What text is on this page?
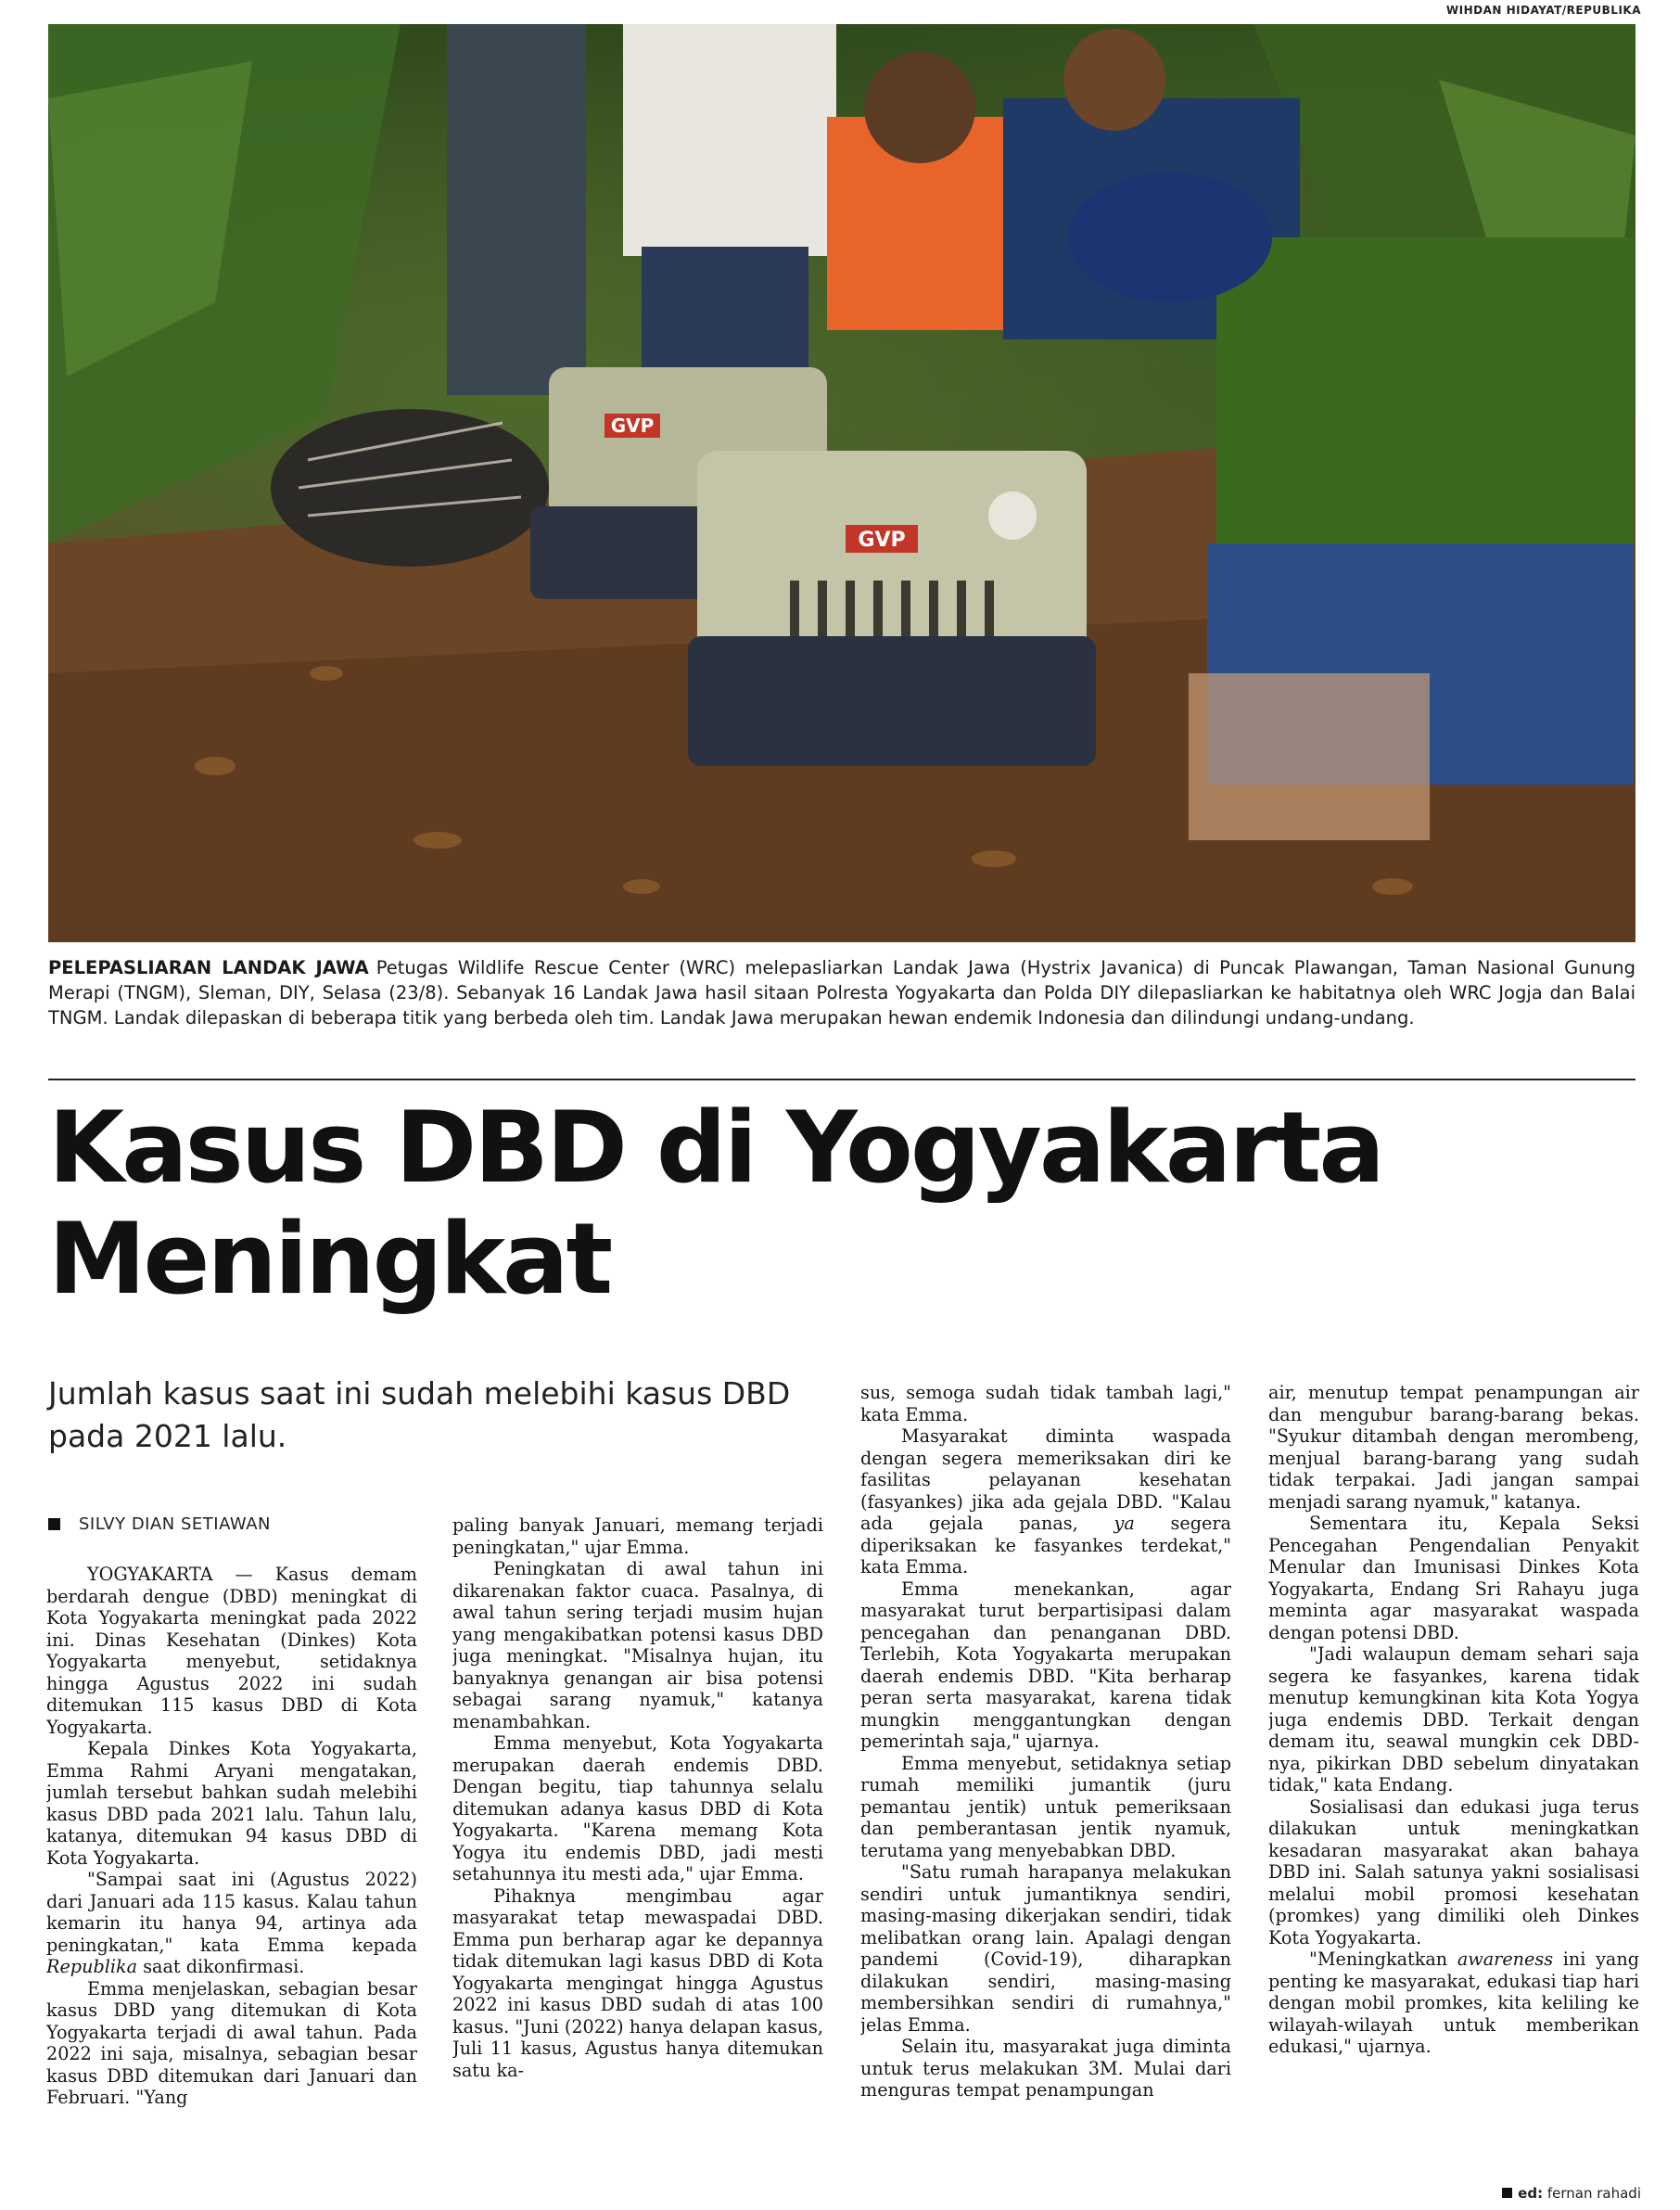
WIHDAN HIDAYAT/REPUBLIKA
GVP
GVP
PELEPASLIARAN LANDAK JAWA Petugas Wildlife Rescue Center (WRC) melepasliarkan Landak Jawa (Hystrix Javanica) di Puncak Plawangan, Taman Nasional Gunung Merapi (TNGM), Sleman, DIY, Selasa (23/8). Sebanyak 16 Landak Jawa hasil sitaan Polresta Yogyakarta dan Polda DIY dilepasliarkan ke habitatnya oleh WRC Jogja dan Balai TNGM. Landak dilepaskan di beberapa titik yang berbeda oleh tim. Landak Jawa merupakan hewan endemik Indonesia dan dilindungi undang-undang.
Kasus DBD di Yogyakarta
Meningkat
Jumlah kasus saat ini sudah melebihi kasus DBD pada 2021 lalu.
SILVY DIAN SETIAWAN

YOGYAKARTA — Kasus demam berdarah dengue (DBD) meningkat di Kota Yogyakarta meningkat pada 2022 ini. Dinas Kesehatan (Dinkes) Kota Yogyakarta menyebut, setidaknya hingga Agustus 2022 ini sudah ditemukan 115 kasus DBD di Kota Yogyakarta.

Kepala Dinkes Kota Yogyakarta, Emma Rahmi Aryani mengatakan, jumlah tersebut bahkan sudah melebihi kasus DBD pada 2021 lalu. Tahun lalu, katanya, ditemukan 94 kasus DBD di Kota Yogyakarta.

"Sampai saat ini (Agustus 2022) dari Januari ada 115 kasus. Kalau tahun kemarin itu hanya 94, artinya ada peningkatan," kata Emma kepada Republika saat dikonfirmasi.

Emma menjelaskan, sebagian besar kasus DBD yang ditemukan di Kota Yogyakarta terjadi di awal tahun. Pada 2022 ini saja, misalnya, sebagian besar kasus DBD ditemukan dari Januari dan Februari. "Yang

paling banyak Januari, memang terjadi peningkatan," ujar Emma.

Peningkatan di awal tahun ini dikarenakan faktor cuaca. Pasalnya, di awal tahun sering terjadi musim hujan yang mengakibatkan potensi kasus DBD juga meningkat. "Misalnya hujan, itu banyaknya genangan air bisa potensi sebagai sarang nyamuk," katanya menambahkan.

Emma menyebut, Kota Yogyakarta merupakan daerah endemis DBD. Dengan begitu, tiap tahunnya selalu ditemukan adanya kasus DBD di Kota Yogyakarta. "Karena memang Kota Yogya itu endemis DBD, jadi mesti setahunnya itu mesti ada," ujar Emma.

Pihaknya mengimbau agar masyarakat tetap mewaspadai DBD. Emma pun berharap agar ke depannya tidak ditemukan lagi kasus DBD di Kota Yogyakarta mengingat hingga Agustus 2022 ini kasus DBD sudah di atas 100 kasus. "Juni (2022) hanya delapan kasus, Juli 11 kasus, Agustus hanya ditemukan satu ka-

sus, semoga sudah tidak tambah lagi," kata Emma.

Masyarakat diminta waspada dengan segera memeriksakan diri ke fasilitas pelayanan kesehatan (fasyankes) jika ada gejala DBD. "Kalau ada gejala panas, ya segera diperiksakan ke fasyankes terdekat," kata Emma.

Emma menekankan, agar masyarakat turut berpartisipasi dalam pencegahan dan penanganan DBD. Terlebih, Kota Yogyakarta merupakan daerah endemis DBD. "Kita berharap peran serta masyarakat, karena tidak mungkin menggantungkan dengan pemerintah saja," ujarnya.

Emma menyebut, setidaknya setiap rumah memiliki jumantik (juru pemantau jentik) untuk pemeriksaan dan pemberantasan jentik nyamuk, terutama yang menyebabkan DBD.

"Satu rumah harapanya melakukan sendiri untuk jumantiknya sendiri, masing-masing dikerjakan sendiri, tidak melibatkan orang lain. Apalagi dengan pandemi (Covid-19), diharapkan dilakukan sendiri, masing-masing membersihkan sendiri di rumahnya," jelas Emma.

Selain itu, masyarakat juga diminta untuk terus melakukan 3M. Mulai dari menguras tempat penampungan

air, menutup tempat penampungan air dan mengubur barang-barang bekas. "Syukur ditambah dengan merombeng, menjual barang-barang yang sudah tidak terpakai. Jadi jangan sampai menjadi sarang nyamuk," katanya.

Sementara itu, Kepala Seksi Pencegahan Pengendalian Penyakit Menular dan Imunisasi Dinkes Kota Yogyakarta, Endang Sri Rahayu juga meminta agar masyarakat waspada dengan potensi DBD.

"Jadi walaupun demam sehari saja segera ke fasyankes, karena tidak menutup kemungkinan kita Kota Yogya juga endemis DBD. Terkait dengan demam itu, seawal mungkin cek DBD-nya, pikirkan DBD sebelum dinyatakan tidak," kata Endang.

Sosialisasi dan edukasi juga terus dilakukan untuk meningkatkan kesadaran masyarakat akan bahaya DBD ini. Salah satunya yakni sosialisasi melalui mobil promosi kesehatan (promkes) yang dimiliki oleh Dinkes Kota Yogyakarta.

"Meningkatkan awareness ini yang penting ke masyarakat, edukasi tiap hari dengan mobil promkes, kita keliling ke wilayah-wilayah untuk memberikan edukasi," ujarnya.

ed: fernan rahadi
